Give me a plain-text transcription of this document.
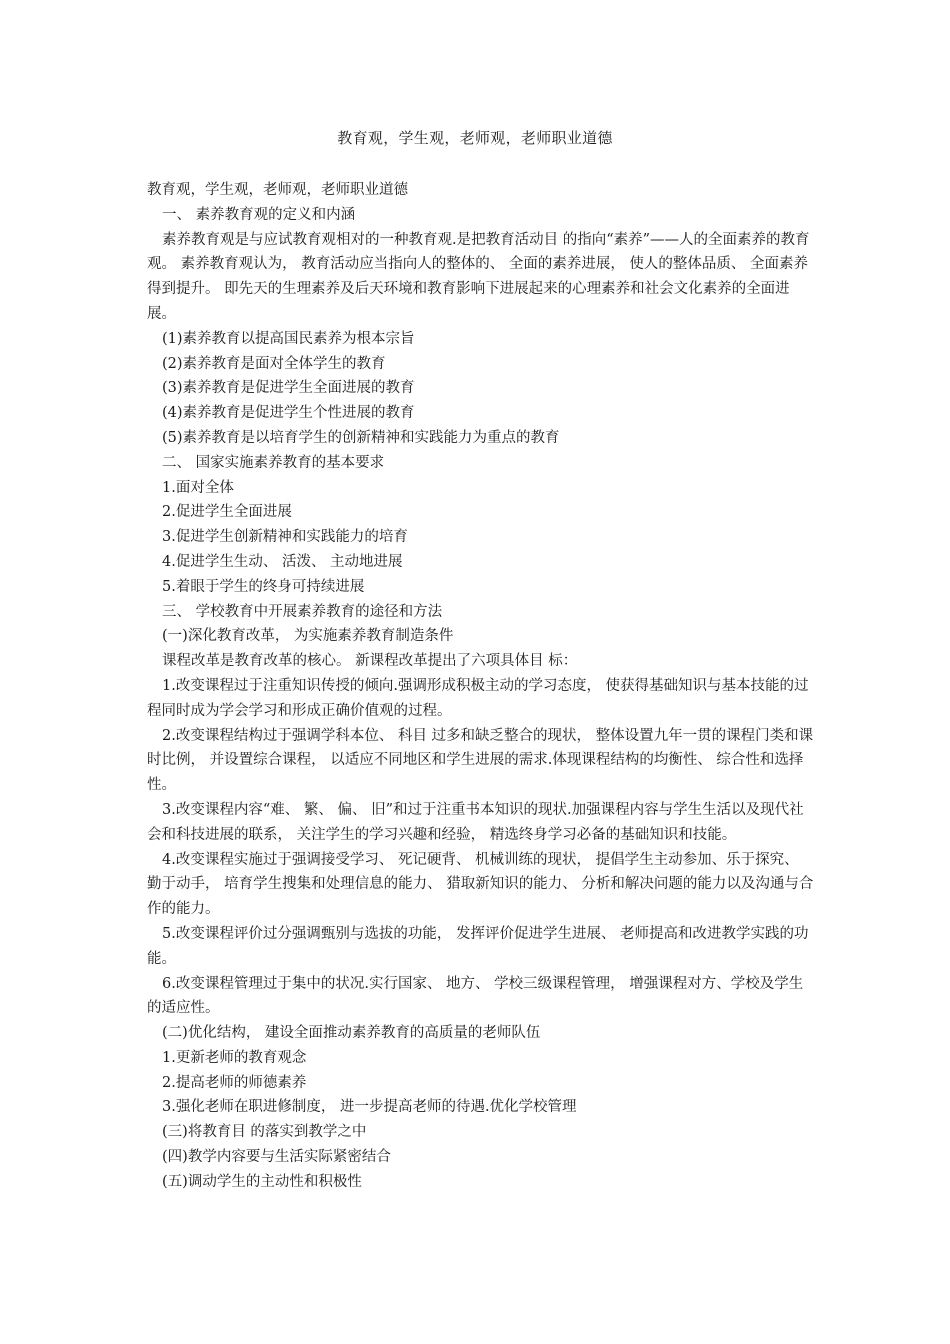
教育观，学生观，老师观，老师职业道德

教育观，学生观，老师观，老师职业道德

一、 素养教育观的定义和内涵

素养教育观是与应试教育观相对的一种教育观.是把教育活动目 的指向“素养”——人的全面素养的教育观。 素养教育观认为， 教育活动应当指向人的整体的、 全面的素养进展， 使人的整体品质、 全面素养得到提升。 即先天的生理素养及后天环境和教育影响下进展起来的心理素养和社会文化素养的全面进展。

(1)素养教育以提高国民素养为根本宗旨

(2)素养教育是面对全体学生的教育

(3)素养教育是促进学生全面进展的教育

(4)素养教育是促进学生个性进展的教育

(5)素养教育是以培育学生的创新精神和实践能力为重点的教育

二、 国家实施素养教育的基本要求

1.面对全体

2.促进学生全面进展

3.促进学生创新精神和实践能力的培育

4.促进学生生动、 活泼、 主动地进展

5.着眼于学生的终身可持续进展

三、 学校教育中开展素养教育的途径和方法

(一)深化教育改革， 为实施素养教育制造条件

课程改革是教育改革的核心。 新课程改革提出了六项具体目 标：

1.改变课程过于注重知识传授的倾向.强调形成积极主动的学习态度， 使获得基础知识与基本技能的过程同时成为学会学习和形成正确价值观的过程。

2.改变课程结构过于强调学科本位、 科目 过多和缺乏整合的现状， 整体设置九年一贯的课程门类和课时比例， 并设置综合课程， 以适应不同地区和学生进展的需求.体现课程结构的均衡性、 综合性和选择性。

3.改变课程内容“难、 繁、 偏、 旧”和过于注重书本知识的现状.加强课程内容与学生生活以及现代社会和科技进展的联系， 关注学生的学习兴趣和经验， 精选终身学习必备的基础知识和技能。

4.改变课程实施过于强调接受学习、 死记硬背、 机械训练的现状， 提倡学生主动参加、乐于探究、 勤于动手， 培育学生搜集和处理信息的能力、 猎取新知识的能力、 分析和解决问题的能力以及沟通与合作的能力。

5.改变课程评价过分强调甄别与选拔的功能， 发挥评价促进学生进展、 老师提高和改进教学实践的功能。

6.改变课程管理过于集中的状况.实行国家、 地方、 学校三级课程管理， 增强课程对方、学校及学生的适应性。

(二)优化结构， 建设全面推动素养教育的高质量的老师队伍

1.更新老师的教育观念

2.提高老师的师德素养

3.强化老师在职进修制度， 进一步提高老师的待遇.优化学校管理

(三)将教育目 的落实到教学之中

(四)教学内容要与生活实际紧密结合

(五)调动学生的主动性和积极性
